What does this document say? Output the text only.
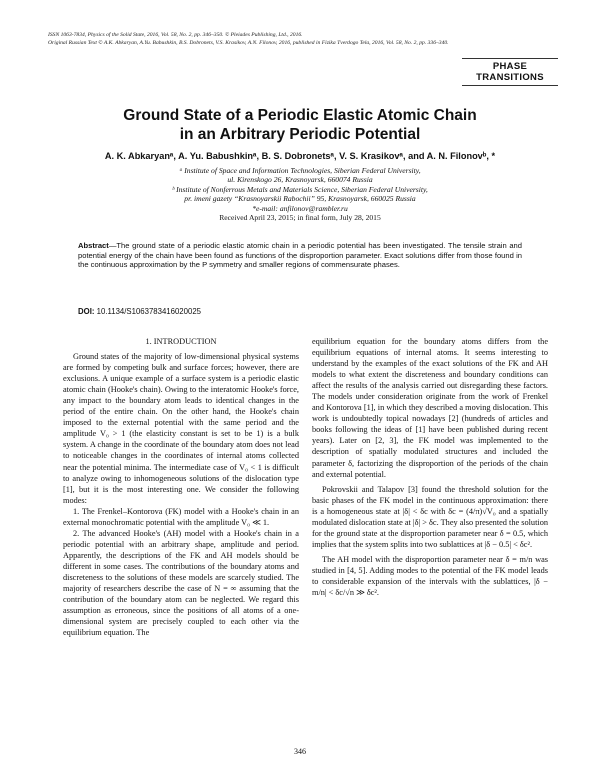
ISSN 1063-7834, Physics of the Solid State, 2016, Vol. 58, No. 2, pp. 346–350. © Pleiades Publishing, Ltd., 2016.
Original Russian Text © A.K. Abkaryan, A.Yu. Babushkin, B.S. Dobronets, V.S. Krasikov, A.N. Filonov, 2016, published in Fizika Tverdogo Tela, 2016, Vol. 58, No. 2, pp. 336–340.
PHASE
TRANSITIONS
Ground State of a Periodic Elastic Atomic Chain
in an Arbitrary Periodic Potential
A. K. Abkaryanᵃ, A. Yu. Babushkinᵃ, B. S. Dobronetsᵃ, V. S. Krasikovᵃ, and A. N. Filonovᵇ, *
ᵃ Institute of Space and Information Technologies, Siberian Federal University,
ul. Kirenskogo 26, Krasnoyarsk, 660074 Russia
ᵇ Institute of Nonferrous Metals and Materials Science, Siberian Federal University,
pr. imeni gazety “Krasnoyarskii Rabochii” 95, Krasnoyarsk, 660025 Russia
*e-mail: anfilonov@rambler.ru
Received April 23, 2015; in final form, July 28, 2015
Abstract—The ground state of a periodic elastic atomic chain in a periodic potential has been investigated. The tensile strain and potential energy of the chain have been found as functions of the disproportion parameter. Exact solutions differ from those found in the continuous approximation by the P symmetry and smaller regions of commensurate phases.
DOI: 10.1134/S1063783416020025

1. INTRODUCTION

Ground states of the majority of low-dimensional physical systems are formed by competing bulk and surface forces; however, there are exclusions. A unique example of a surface system is a periodic elastic atomic chain (Hooke's chain). Owing to the interatomic Hooke's force, any impact to the boundary atom leads to identical changes in the period of the entire chain. On the other hand, the Hooke's chain imposed to the external potential with the same period and the amplitude V₀ > 1 (the elasticity constant is set to be 1) is a bulk system. A change in the coordinate of the boundary atom does not lead to noticeable changes in the coordinates of internal atoms collected near the potential minima. The intermediate case of V₀ < 1 is difficult to analyze owing to inhomogeneous solutions of the dislocation type [1], but it is the most interesting one. We consider the following modes:

1. The Frenkel–Kontorova (FK) model with a Hooke's chain in an external monochromatic potential with the amplitude V₀ ≪ 1.

2. The advanced Hooke's (AH) model with a Hooke's chain in a periodic potential with an arbitrary shape, amplitude and period. Apparently, the descriptions of the FK and AH models should be different in some cases. The contributions of the boundary atoms and discreteness to the solutions of these models are scarcely studied. The majority of researchers describe the case of N = ∞ assuming that the contribution of the boundary atom can be neglected. We regard this assumption as erroneous, since the positions of all atoms of a one-dimensional system are precisely coupled to each other via the equilibrium equation. The

equilibrium equation for the boundary atoms differs from the equilibrium equations of internal atoms. It seems interesting to understand by the examples of the exact solutions of the FK and AH models to what extent the discreteness and boundary conditions can affect the results of the analysis carried out disregarding these factors. The models under consideration originate from the work of Frenkel and Kontorova [1], in which they described a moving dislocation. This work is undoubtedly topical nowadays [2] (hundreds of articles and books following the ideas of [1] have been published during recent years). Later on [2, 3], the FK model was implemented to the description of spatially modulated structures and included the parameter δ, factorizing the disproportion of the periods of the chain and external potential.

Pokrovskii and Talapov [3] found the threshold solution for the basic phases of the FK model in the continuous approximation: there is a homogeneous state at |δ| < δc with δc = (4/π)√V₀ and a spatially modulated dislocation state at |δ| > δc. They also presented the solution for the ground state at the disproportion parameter near δ = 0.5, which implies that the system splits into two sublattices at |δ − 0.5| < δc².

The AH model with the disproportion parameter near δ = m/n was studied in [4, 5]. Adding modes to the potential of the FK model leads to considerable expansion of the intervals with the sublattices, |δ − m/n| < δc/√n ≫ δc².

346
